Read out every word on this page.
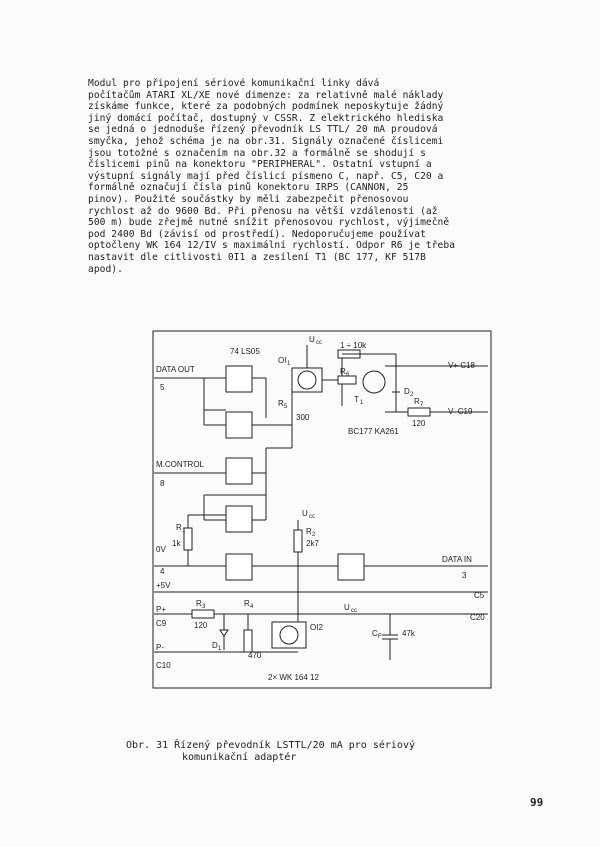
Modul pro připojení sériové komunikační linky dává
počítačům ATARI XL/XE nové dimenze: za relativně malé náklady
získáme funkce, které za podobných podmínek neposkytuje žádný
jiný domácí počítač, dostupný v ČSSR. Z elektrického hlediska
se jedná o jednoduše řízený převodník LS TTL/ 20 mA proudová
smyčka, jehož schéma je na obr.31. Signály označené číslicemi
jsou totožné s označením na obr.32 a formálně se shodují s
číslicemi pinů na konektoru "PERIPHERAL". Ostatní vstupní a
výstupní signály mají před číslicí písmeno C, např. C5, C20 a
formálně označují čísla pinů konektoru IRPS (CANNON, 25
pinov). Použité součástky by měli zabezpečit přenosovou
rychlost až do 9600 Bd. Při přenosu na větší vzdálenosti (až
500 m) bude zřejmě nutné snížit přenosovou rychlost, výjimečně
pod 2400 Bd (závisí od prostředí). Nedoporučujeme používat
optočleny WK 164 12/IV s maximální rychlostí. Odpor R6 je třeba
nastavit dle citlivosti 0I1 a zesílení T1 (BC 177, KF 517B
apod).
74 LS05
DATA OUT
5
M.CONTROL
8
0V
4
DATA IN
3
+5V
C5
P+
C9
P-
C10
C20
U cc
U cc
U cc
OI 1
OI2
R 1
1k
R 2
2k7
R 3
120
R 4
470
R 5
300
R 6
1 ÷ 10k
R 7
120
T 1
D 1
D 2
C F	47k
V+ C18
V- C19
BC177 KA261
2× WK 164 12
Obr. 31 Řízený převodník LSTTL/20 mA pro sériový
komunikační adaptér
99
